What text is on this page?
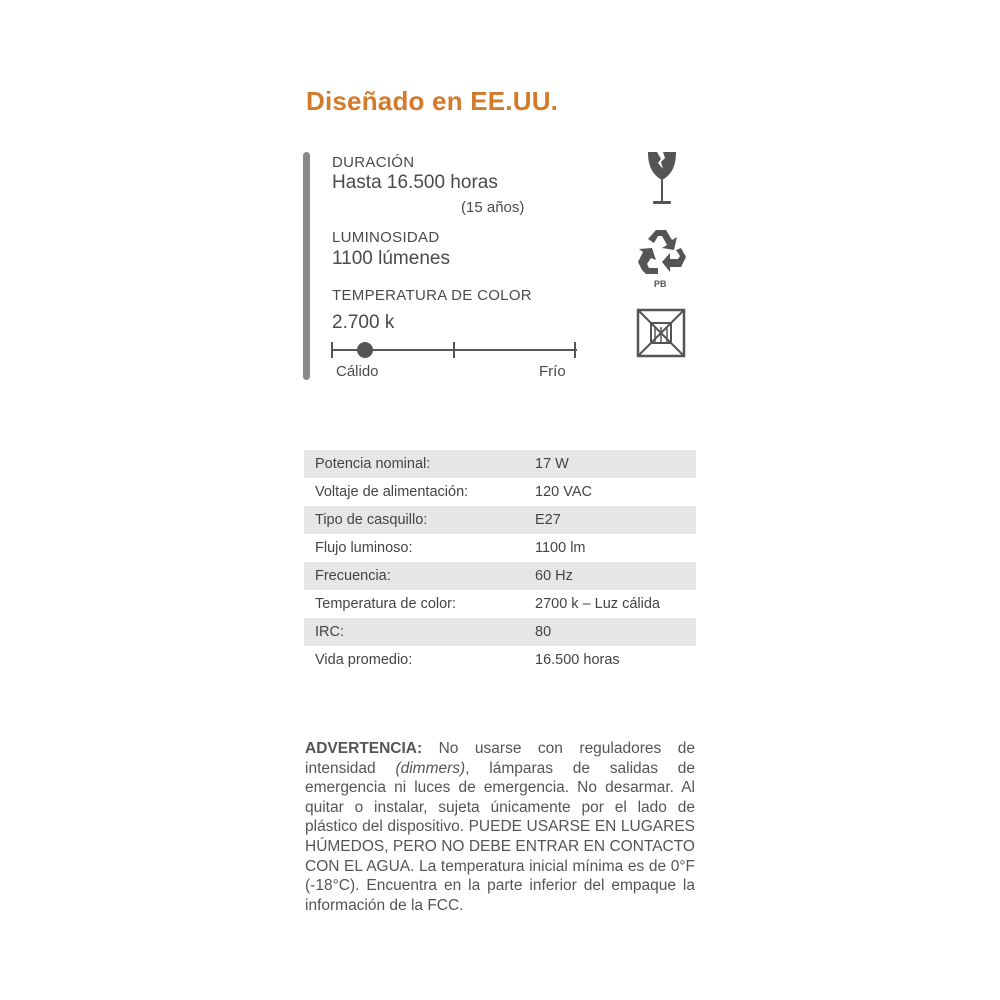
Diseñado en EE.UU.
DURACIÓN
Hasta 16.500 horas
(15 años)
LUMINOSIDAD
1100 lúmenes
TEMPERATURA DE COLOR
2.700 k
Cálido	Frío
PB
Potencia nominal:	17 W
Voltaje de alimentación:	120 VAC
Tipo de casquillo:	E27
Flujo luminoso:	1100 lm
Frecuencia:	60 Hz
Temperatura de color:	2700 k – Luz cálida
IRC:	80
Vida promedio:	16.500 horas
ADVERTENCIA: No usarse con reguladores de intensidad (dimmers), lámparas de salidas de emergencia ni luces de emergencia. No desarmar. Al quitar o instalar, sujeta únicamente por el lado de plástico del dispositivo. PUEDE USARSE EN LUGARES HÚMEDOS, PERO NO DEBE ENTRAR EN CONTACTO CON EL AGUA. La temperatura inicial mínima es de 0°F (-18°C). Encuentra en la parte inferior del empaque la información de la FCC.
